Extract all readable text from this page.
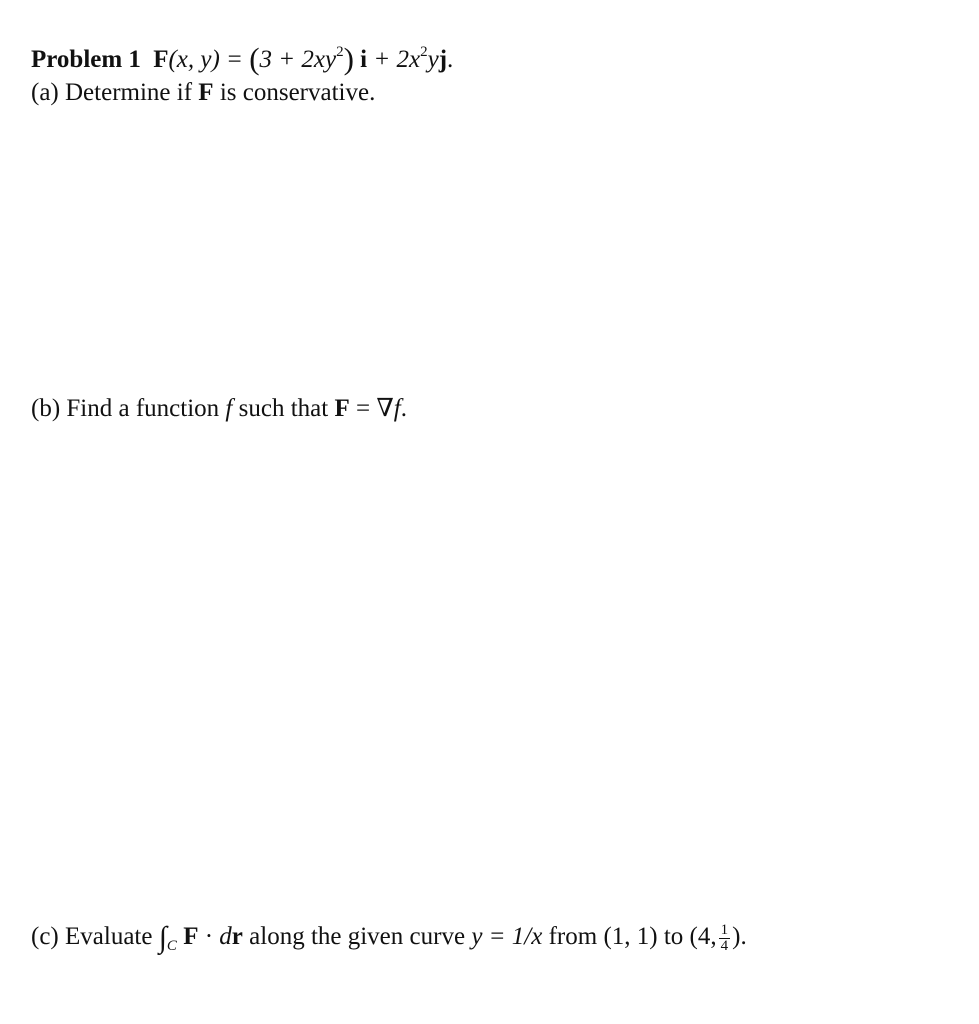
Problem 1 F(x, $y) = (3 + 2xy^2)$ $i + 2x^2yj$.
(a) Determine if F is conservative.
(b) Find a function f such that F = ∇f.
(c) Evaluate $\int_C$ F · dr along the given curve y = 1/x from (1, 1) to (4, $\frac{1}{4}$ ).
